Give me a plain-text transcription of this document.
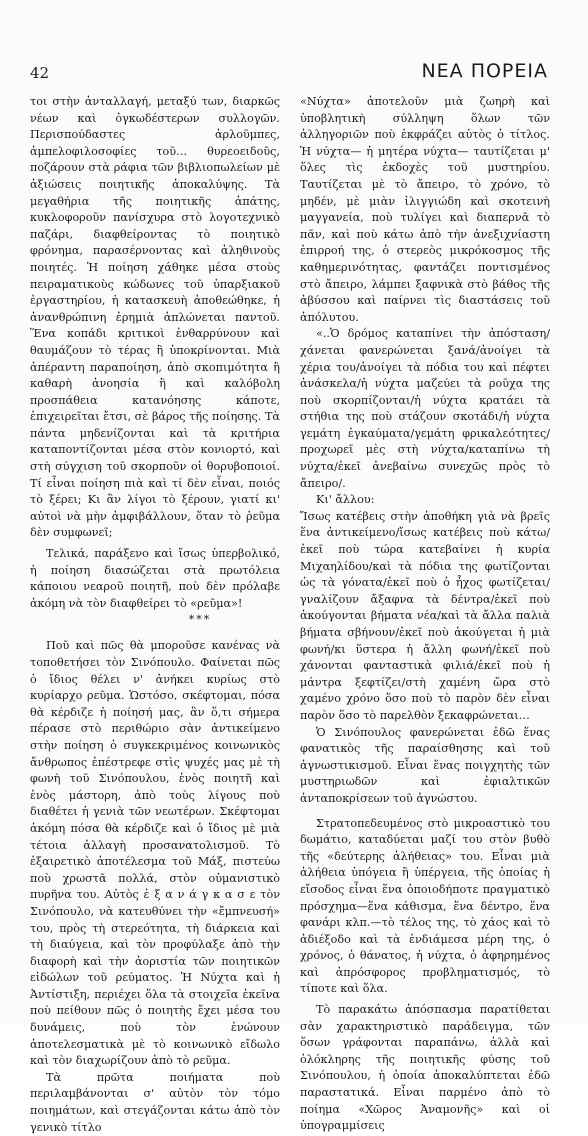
42	ΝΕΑ ΠΟΡΕΙΑ

τοι στὴν ἀνταλλαγή, μεταξύ των, διαρκῶς νέων καὶ ὀγκωδέστερων συλλογῶν. Περισπούδαστες ἀρλοῦμπες, ἀμπελοφιλοσοφίες τοῦ… θυρεοειδοῦς, ποζάρουν στὰ ράφια τῶν βιβλιοπωλείων μὲ ἀξιώσεις ποιητικῆς ἀποκαλύψης. Τὰ μεγαθήρια τῆς ποιητικῆς ἀπάτης, κυκλοφοροῦν πανίσχυρα στὸ λογοτεχνικὸ παζάρι, διαφθείροντας τὸ ποιητικὸ φρόνημα, παρασέρνοντας καὶ ἀληθινοὺς ποιητές. Ἡ ποίηση χάθηκε μέσα στοὺς πειραματικοὺς κώδωνες τοῦ ὑπαρξιακοῦ ἐργαστηρίου, ἡ κατασκευὴ ἀποθεώθηκε, ἡ ἀνανθρώπινη ἐρημιὰ ἁπλώνεται παντοῦ. Ἕνα κοπάδι κριτικοὶ ἐνθαρρύνουν καὶ θαυμάζουν τὸ τέρας ἢ ὑποκρίνονται. Μιὰ ἀπέραντη παραποίηση, ἀπὸ σκοπιμότητα ἢ καθαρὴ ἀνοησία ἢ καὶ καλόβολη προσπάθεια κατανόησης κάποτε, ἐπιχειρεῖται ἔτσι, σὲ βάρος τῆς ποίησης. Τὰ πάντα μηδενίζονται καὶ τὰ κριτήρια καταποντίζονται μέσα στὸν κονιορτό, καὶ στὴ σύγχιση τοῦ σκορποῦν οἱ θορυβοποιοί. Τί εἶναι ποίηση πιὰ καὶ τί δὲν εἶναι, ποιός τὸ ξέρει; Κι ἂν λίγοι τὸ ξέρουν, γιατί κι' αὐτοὶ νὰ μὴν ἀμφιβάλλουν, ὅταν τὸ ῥεῦμα δὲν συμφωνεῖ;

Τελικά, παράξενο καὶ ἴσως ὑπερβολικό, ἡ ποίηση διασώζεται στὰ πρωτόλεια κάποιου νεαροῦ ποιητῆ, ποὺ δὲν πρόλαβε ἀκόμη νὰ τὸν διαφθείρει τὸ «ρεῦμα»!

***

Ποῦ καὶ πῶς θὰ μποροῦσε κανένας νὰ τοποθετήσει τὸν Σινόπουλο. Φαίνεται πῶς ὁ ἴδιος θέλει ν' ἀνήκει κυρίως στὸ κυρίαρχο ρεῦμα. Ὡστόσο, σκέφτομαι, πόσα θὰ κέρδιζε ἡ ποίησή μας, ἂν ὅ,τι σήμερα πέρασε στὸ περιθώριο σὰν ἀντικείμενο στὴν ποίηση ὁ συγκεκριμένος κοινωνικὸς ἄνθρωπος ἐπέστρεφε στὶς ψυχές μας μὲ τὴ φωνὴ τοῦ Σινόπουλου, ἑνὸς ποιητῆ καὶ ἑνὸς μάστορη, ἀπὸ τοὺς λίγους ποὺ διαθέτει ἡ γενιὰ τῶν νεωτέρων. Σκέφτομαι ἀκόμη πόσα θὰ κέρδιζε καὶ ὁ ἴδιος μὲ μιὰ τέτοια ἀλλαγὴ προσανατολισμοῦ. Τὸ ἐξαιρετικὸ ἀποτέλεσμα τοῦ Μάξ, πιστεύω ποὺ χρωστᾶ πολλά, στὸν οὑμανιστικὸ πυρῆνα του. Αὐτὸς ἐ ξ α ν ά γ κ α σ ε τὸν Σινόπουλο, νὰ κατευθύνει τὴν «ἔμπνευσή» του, πρὸς τὴ στερεότητα, τὴ διάρκεια καὶ τὴ διαύγεια, καὶ τὸν προφύλαξε ἀπὸ τὴν διαφορὴ καὶ τὴν ἀοριστία τῶν ποιητικῶν εἰδώλων τοῦ ρεύματος. Ἡ Νύχτα καὶ ἡ Ἀντίστιξη, περιέχει ὅλα τὰ στοιχεῖα ἐκεῖνα ποὺ πείθουν πῶς ὁ ποιητὴς ἔχει μέσα του δυνάμεις, ποὺ τὸν ἐνώνουν ἀποτελεσματικὰ μὲ τὸ κοινωνικὸ εἴδωλο καὶ τὸν διαχωρίζουν ἀπὸ τὸ ρεῦμα.

Τὰ πρῶτα ποιήματα ποὺ περιλαμβάνονται σ' αὐτὸν τὸν τόμο ποιημάτων, καὶ στεγάζονται κάτω ἀπὸ τὸν γενικὸ τίτλο

«Νύχτα» ἀποτελοῦν μιὰ ζωηρὴ καὶ ὑποβλητικὴ σύλληψη ὅλων τῶν ἀλληγοριῶν ποὺ ἐκφράζει αὐτὸς ὁ τίτλος. Ἡ νύχτα— ἡ μητέρα νύχτα— ταυτίζεται μ' ὅλες τὶς ἐκδοχὲς τοῦ μυστηρίου. Ταυτίζεται μὲ τὸ ἄπειρο, τὸ χρόνο, τὸ μηδέν, μὲ μιὰν ἰλιγγιώδη καὶ σκοτεινὴ μαγγανεία, ποὺ τυλίγει καὶ διαπερνᾶ τὸ πᾶν, καὶ ποὺ κάτω ἀπὸ τὴν ἀνεξιχνίαστη ἐπιρροή της, ὁ στερεὸς μικρόκοσμος τῆς καθημερινότητας, φαντάζει ποντισμένος στὸ ἄπειρο, λάμπει ξαφνικὰ στὸ βάθος τῆς ἀβύσσου καὶ παίρνει τὶς διαστάσεις τοῦ ἀπόλυτου.

«..Ὁ δρόμος καταπίνει τὴν ἀπόσταση/χάνεται φανερώνεται ξανά/ἀνοίγει τὰ χέρια του/ἀνοίγει τὰ πόδια του καὶ πέφτει ἀνάσκελα/ἡ νύχτα μαζεύει τὰ ροῦχα της ποὺ σκορπίζονται/ἡ νύχτα κρατάει τὰ στήθια της ποὺ στάζουν σκοτάδι/ἡ νύχτα γεμάτη ἐγκαύματα/γεμάτη φρικαλεότητες/προχωρεῖ μὲς στὴ νύχτα/καταπίνω τὴ νύχτα/ἐκεῖ ἀνεβαίνω συνεχῶς πρὸς τὸ ἄπειρο/.

Κι' ἄλλου:

Ἴσως κατέβεις στὴν ἀποθήκη γιὰ νὰ βρεῖς ἕνα ἀντικείμενο/ἴσως κατέβεις ποὺ κάτω/ἐκεῖ ποὺ τώρα κατεβαίνει ἡ κυρία Μιχαηλίδου/καὶ τὰ πόδια της φωτίζονται ὡς τὰ γόνατα/ἐκεῖ ποὺ ὁ ἦχος φωτίζεται/γναλίζουν ἄξαφνα τὰ δέντρα/ἐκεῖ ποὺ ἀκούγονται βήματα νέα/καὶ τὰ ἄλλα παλιὰ βήματα σβήνουν/ἐκεῖ ποὺ ἀκούγεται ἡ μιὰ φωνή/κι ὕστερα ἡ ἄλλη φωνή/ἐκεῖ ποὺ χάνονται φανταστικὰ φιλιά/ἐκεῖ ποὺ ἡ μάντρα ξεφτίζει/στὴ χαμένη ὥρα στὸ χαμένο χρόνο ὅσο ποὺ τὸ παρὸν δὲν εἶναι παρὸν ὅσο τὸ παρελθὸν ξεκαφρώνεται…

Ὁ Σινόπουλος φανερώνεται ἐδῶ ἕνας φανατικὸς τῆς παραίσθησης καὶ τοῦ ἀγνωστικισμοῦ. Εἶναι ἕνας ποιγχητὴς τῶν μυστηριωδῶν καὶ ἐφιαλτικῶν ἀνταποκρίσεων τοῦ ἀγνώστου.

Στρατοπεδευμένος στὸ μικροαστικὸ του δωμάτιο, καταδύεται μαζί του στὸν βυθὸ τῆς «δεύτερης ἀλήθειας» του. Εἶναι μιὰ ἀλήθεια ὑπόγεια ἢ ὑπέργεια, τῆς ὁποίας ἡ εἴσοδος εἶναι ἕνα ὁποιοδήποτε πραγματικὸ πρόσχημα—ἕνα κάθισμα, ἕνα δέντρο, ἕνα φανάρι κλπ.—τὸ τέλος της, τὸ χάος καὶ τὸ ἀδιέξοδο καὶ τὰ ἐνδιάμεσα μέρη της, ὁ χρόνος, ὁ θάνατος, ἡ νύχτα, ὁ ἀφηρημένος καὶ ἀπρόσφορος προβληματισμός, τὸ τίποτε καὶ ὅλα.

Τὸ παρακάτω ἀπόσπασμα παρατίθεται σὰν χαρακτηριστικὸ παράδειγμα, τῶν ὅσων γράφονται παραπάνω, ἀλλὰ καὶ ὁλόκληρης τῆς ποιητικῆς φύσης τοῦ Σινόπουλου, ἡ ὁποία ἀποκαλύπτεται ἐδῶ παραστατικά. Εἶναι παρμένο ἀπὸ τὸ ποίημα «Χῶρος Ἀναμονῆς» καὶ οἱ ὑπογραμμίσεις
